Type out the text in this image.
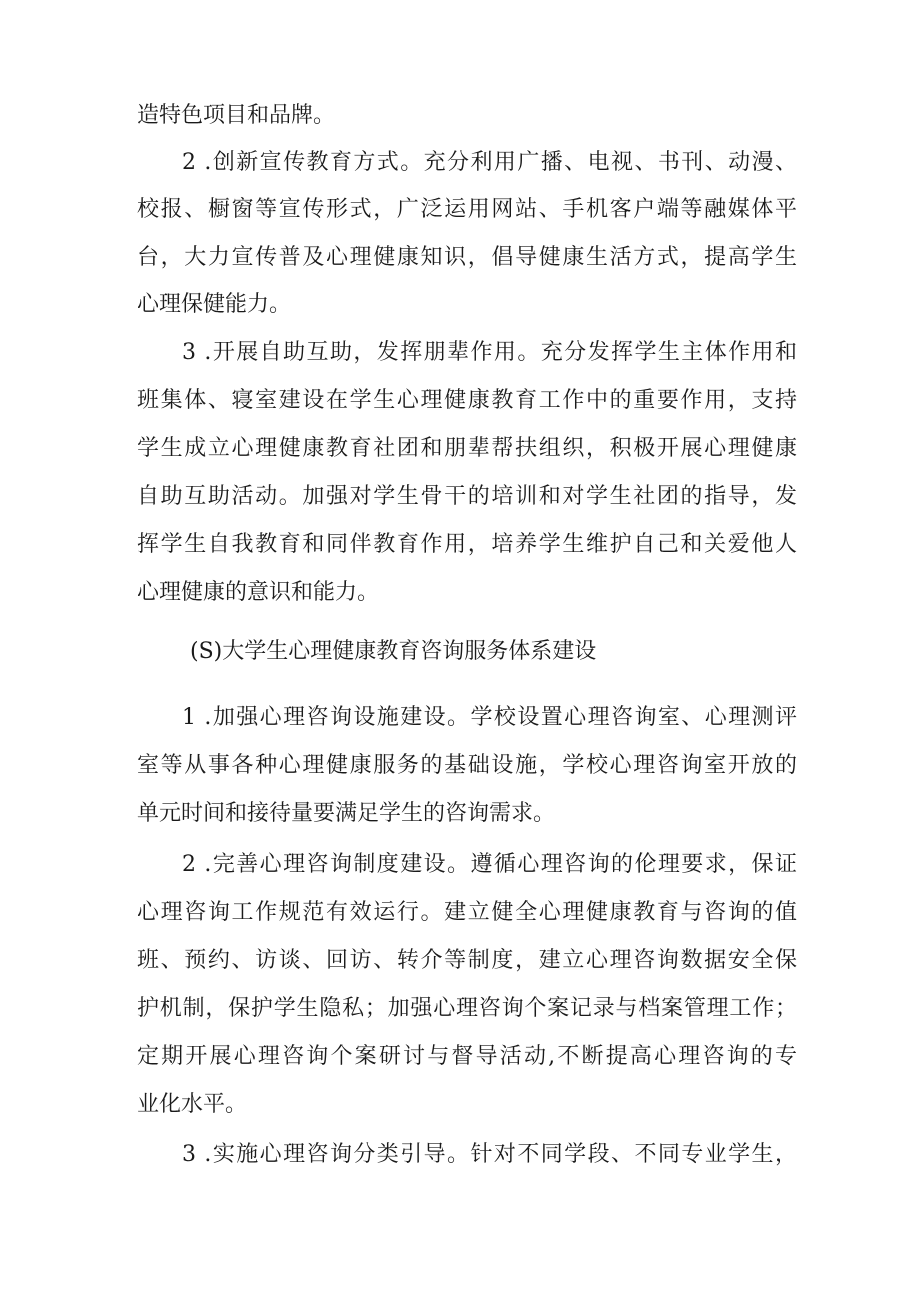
造特色项目和品牌。
2 .创新宣传教育方式。充分利用广播、电视、书刊、动漫、
校报、橱窗等宣传形式，广泛运用网站、手机客户端等融媒体平
台，大力宣传普及心理健康知识，倡导健康生活方式，提高学生
心理保健能力。
3 .开展自助互助，发挥朋辈作用。充分发挥学生主体作用和
班集体、寝室建设在学生心理健康教育工作中的重要作用，支持
学生成立心理健康教育社团和朋辈帮扶组织，积极开展心理健康
自助互助活动。加强对学生骨干的培训和对学生社团的指导，发
挥学生自我教育和同伴教育作用，培养学生维护自己和关爱他人
心理健康的意识和能力。
(S)大学生心理健康教育咨询服务体系建设
1 .加强心理咨询设施建设。学校设置心理咨询室、心理测评
室等从事各种心理健康服务的基础设施，学校心理咨询室开放的
单元时间和接待量要满足学生的咨询需求。
2 .完善心理咨询制度建设。遵循心理咨询的伦理要求，保证
心理咨询工作规范有效运行。建立健全心理健康教育与咨询的值
班、预约、访谈、回访、转介等制度，建立心理咨询数据安全保
护机制，保护学生隐私；加强心理咨询个案记录与档案管理工作；
定期开展心理咨询个案研讨与督导活动,不断提高心理咨询的专
业化水平。
3 .实施心理咨询分类引导。针对不同学段、不同专业学生，
